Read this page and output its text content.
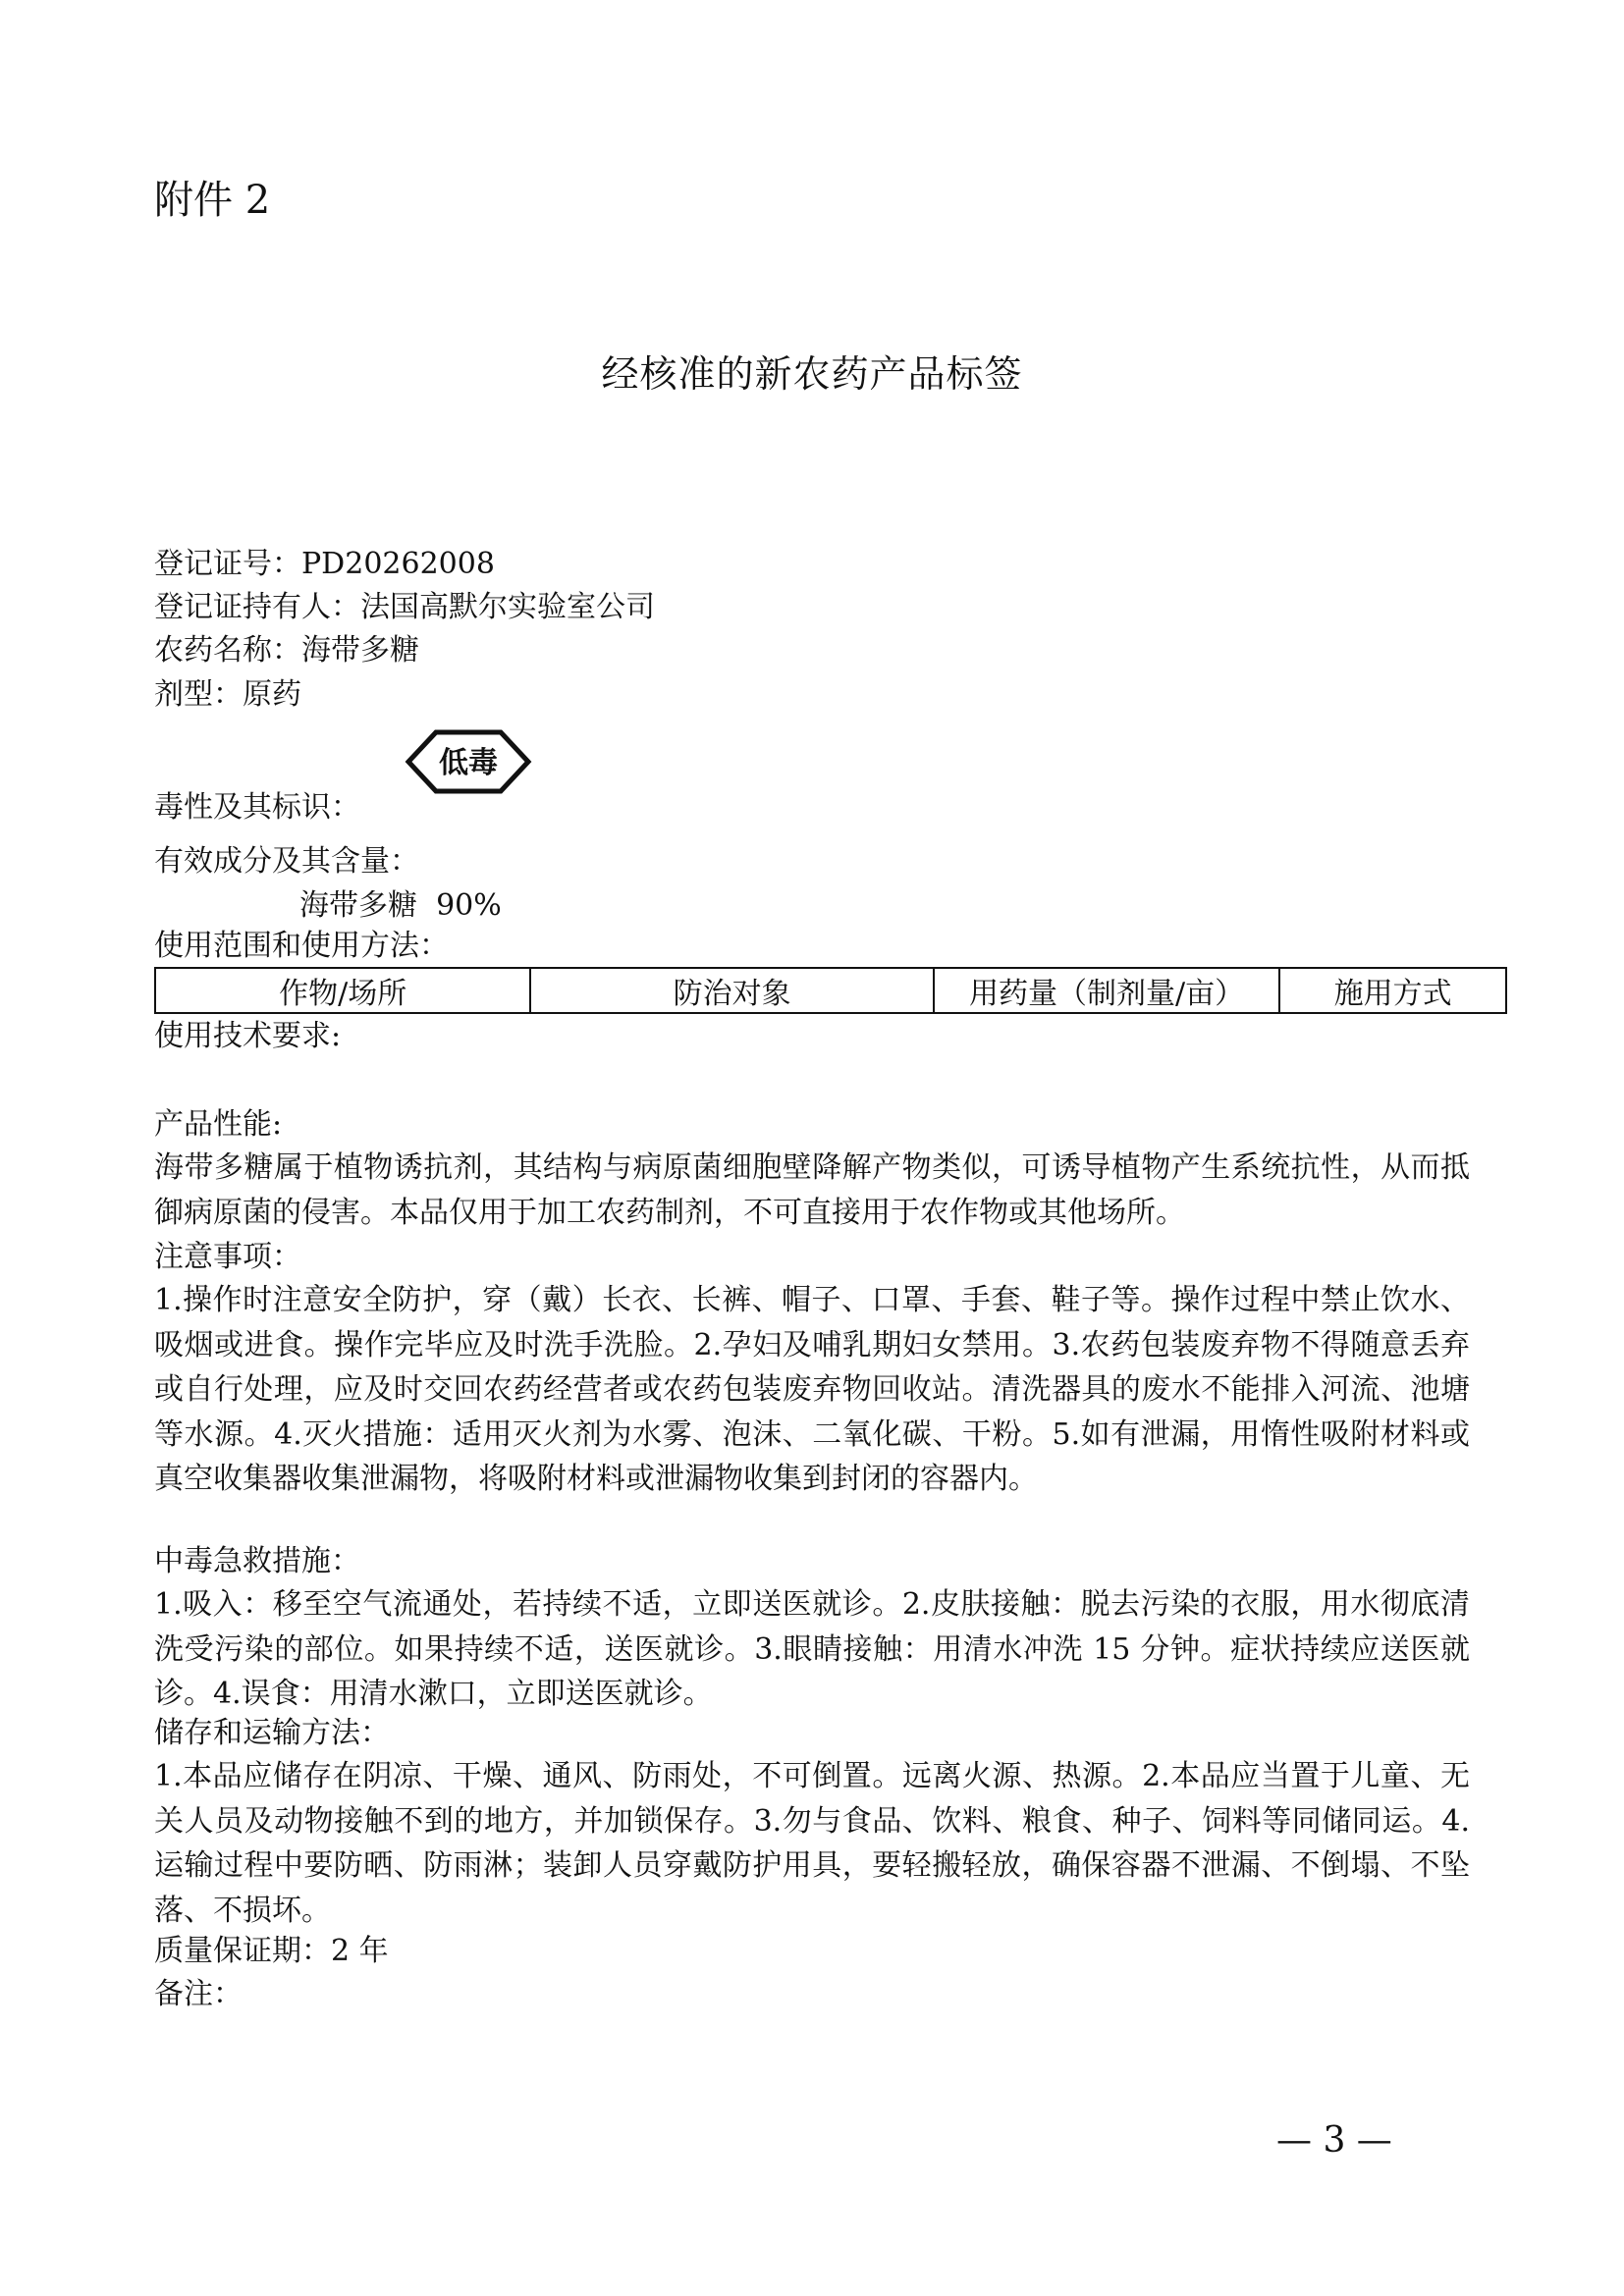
附件 2
经核准的新农药产品标签
登记证号：PD20262008
登记证持有人：法国高默尔实验室公司
农药名称：海带多糖
剂型：原药
毒性及其标识：
低毒
有效成分及其含量：
海带多糖  90%
使用范围和使用方法：
作物/场所	防治对象	用药量（制剂量/亩）	施用方式
使用技术要求:
产品性能:
海带多糖属于植物诱抗剂，其结构与病原菌细胞壁降解产物类似，可诱导植物产生系统抗性，从而抵御病原菌的侵害。本品仅用于加工农药制剂，不可直接用于农作物或其他场所。
注意事项：
1.操作时注意安全防护，穿（戴）长衣、长裤、帽子、口罩、手套、鞋子等。操作过程中禁止饮水、吸烟或进食。操作完毕应及时洗手洗脸。2.孕妇及哺乳期妇女禁用。3.农药包装废弃物不得随意丢弃或自行处理，应及时交回农药经营者或农药包装废弃物回收站。清洗器具的废水不能排入河流、池塘等水源。4.灭火措施：适用灭火剂为水雾、泡沫、二氧化碳、干粉。5.如有泄漏，用惰性吸附材料或真空收集器收集泄漏物，将吸附材料或泄漏物收集到封闭的容器内。
中毒急救措施：
1.吸入：移至空气流通处，若持续不适，立即送医就诊。2.皮肤接触：脱去污染的衣服，用水彻底清洗受污染的部位。如果持续不适，送医就诊。3.眼睛接触：用清水冲洗 15 分钟。症状持续应送医就诊。4.误食：用清水漱口，立即送医就诊。
储存和运输方法：
1.本品应储存在阴凉、干燥、通风、防雨处，不可倒置。远离火源、热源。2.本品应当置于儿童、无关人员及动物接触不到的地方，并加锁保存。3.勿与食品、饮料、粮食、种子、饲料等同储同运。4.运输过程中要防晒、防雨淋；装卸人员穿戴防护用具，要轻搬轻放，确保容器不泄漏、不倒塌、不坠落、不损坏。
质量保证期：2 年
备注：
— 3 —
